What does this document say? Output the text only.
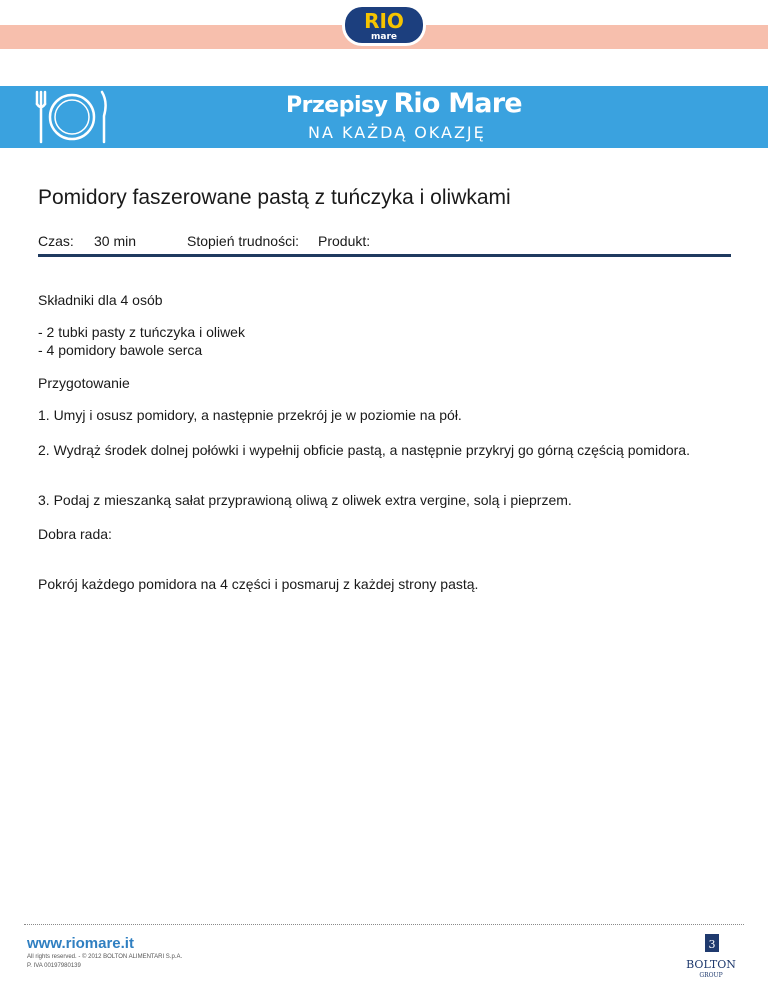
RIO
mare
Przepisy Rio Mare
NA KAŻDĄ OKAZJĘ
Pomidory faszerowane pastą z tuńczyka i oliwkami
Czas: 30 min	Stopień trudności: Produkt:
Składniki dla 4 osób
- 2 tubki pasty z tuńczyka i oliwek
- 4 pomidory bawole serca
Przygotowanie
1. Umyj i osusz pomidory, a następnie przekrój je w poziomie na pół.
2. Wydrąż środek dolnej połówki i wypełnij obficie pastą, a następnie przykryj go górną częścią pomidora.
3. Podaj z mieszanką sałat przyprawioną oliwą z oliwek extra vergine, solą i pieprzem.
Dobra rada:
Pokrój każdego pomidora na 4 części i posmaruj z każdej strony pastą.
www.riomare.it
All rights reserved. - © 2012 BOLTON ALIMENTARI S.p.A.
P. IVA 00197980139
3
BOLTON
GROUP
